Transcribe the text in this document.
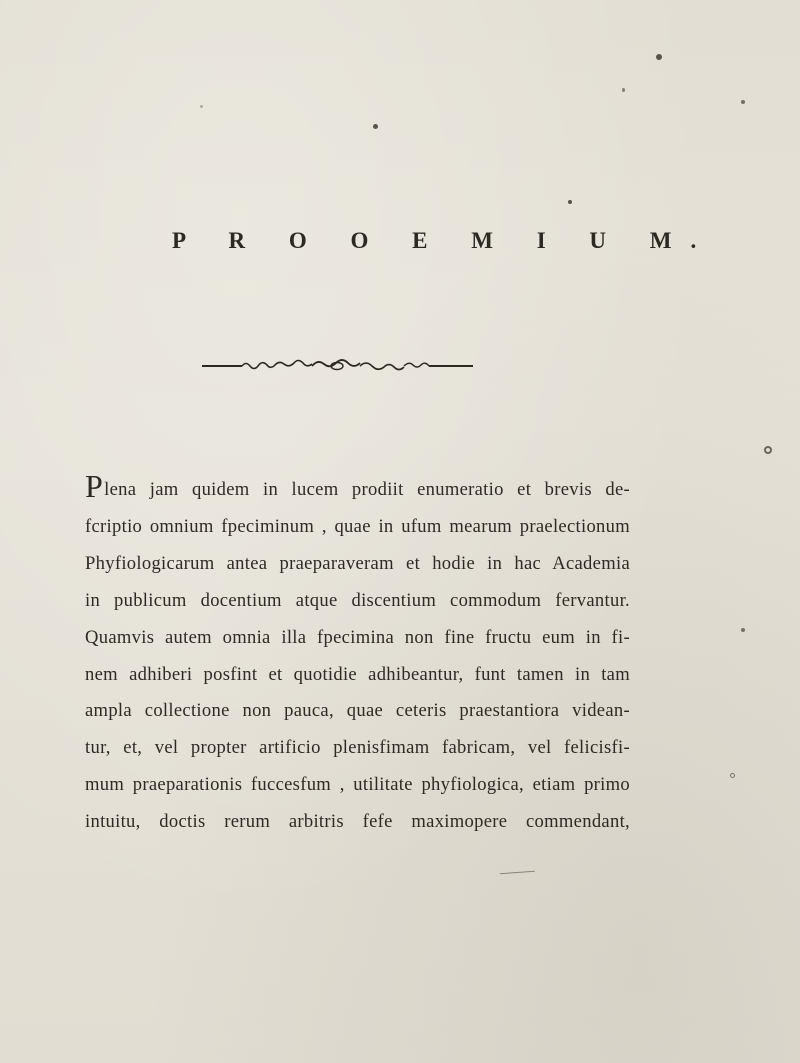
P R O O E M I U M.
Plena jam quidem in lucem prodiit enumeratio et brevis de-
fcriptio omnium fpeciminum , quae in ufum mearum praelectionum
Phyfiologicarum antea praeparaveram et hodie in hac Academia
in publicum docentium atque discentium commodum fervantur.
Quamvis autem omnia illa fpecimina non fine fructu eum in fi-
nem adhiberi posfint et quotidie adhibeantur, funt tamen in tam
ampla collectione non pauca, quae ceteris praestantiora videan-
tur, et, vel propter artificio plenisfimam fabricam, vel felicisfi-
mum praeparationis fuccesfum , utilitate phyfiologica, etiam primo
intuitu, doctis rerum arbitris fefe maximopere commendant,
